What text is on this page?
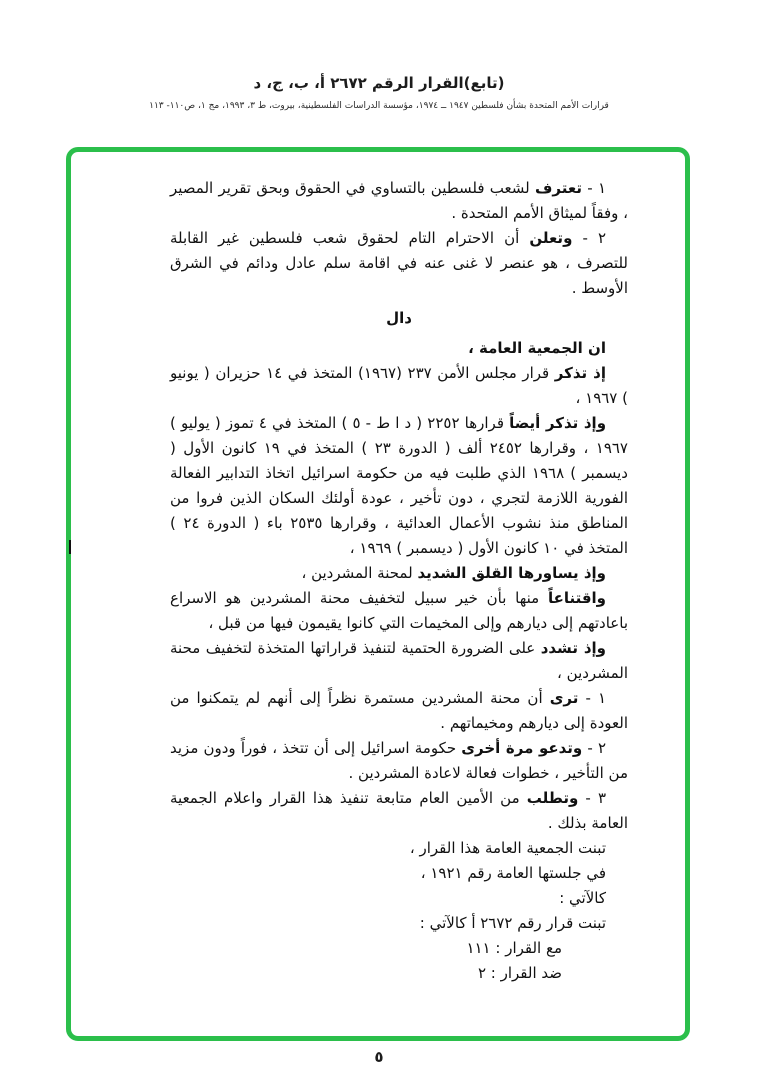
(تابع)القرار الرقم ٢٦٧٢ أ، ب، ج، د
قرارات الأمم المتحدة بشأن فلسطين ١٩٤٧ ــ ١٩٧٤، مؤسسة الدراسات الفلسطينية، بيروت، ط ٣، ١٩٩٣، مج ١، ص١١٠- ١١٣

١ - تعترف لشعب فلسطين بالتساوي في الحقوق وبحق تقرير المصير ، وفقاً لميثاق الأمم المتحدة .

٢ - وتعلن أن الاحترام التام لحقوق شعب فلسطين غير القابلة للتصرف ، هو عنصر لا غنى عنه في اقامة سلم عادل ودائم في الشرق الأوسط .

دال

ان الجمعية العامة ،

إذ تذكر قرار مجلس الأمن ٢٣٧ (١٩٦٧) المتخذ في ١٤ حزيران ( يونيو ) ١٩٦٧ ،

وإذ تذكر أيضاً قرارها ٢٢٥٢ ( د ا ط - ٥ ) المتخذ في ٤ تموز ( يوليو ) ١٩٦٧ ، وقرارها ٢٤٥٢ ألف ( الدورة ٢٣ ) المتخذ في ١٩ كانون الأول ( ديسمبر ) ١٩٦٨ الذي طلبت فيه من حكومة اسرائيل اتخاذ التدابير الفعالة الفورية اللازمة لتجري ، دون تأخير ، عودة أولئك السكان الذين فروا من المناطق منذ نشوب الأعمال العدائية ، وقرارها ٢٥٣٥ باء ( الدورة ٢٤ ) المتخذ في ١٠ كانون الأول ( ديسمبر ) ١٩٦٩ ،

وإذ يساورها القلق الشديد لمحنة المشردين ،

واقتناعاً منها بأن خير سبيل لتخفيف محنة المشردين هو الاسراع باعادتهم إلى ديارهم وإلى المخيمات التي كانوا يقيمون فيها من قبل ،

وإذ تشدد على الضرورة الحتمية لتنفيذ قراراتها المتخذة لتخفيف محنة المشردين ،

١ - ترى أن محنة المشردين مستمرة نظراً إلى أنهم لم يتمكنوا من العودة إلى ديارهم ومخيماتهم .

٢ - وتدعو مرة أخرى حكومة اسرائيل إلى أن تتخذ ، فوراً ودون مزيد من التأخير ، خطوات فعالة لاعادة المشردين .

٣ - وتطلب من الأمين العام متابعة تنفيذ هذا القرار واعلام الجمعية العامة بذلك .

تبنت الجمعية العامة هذا القرار ،

في جلستها العامة رقم ١٩٢١ ،

كالآتي :

تبنت قرار رقم ٢٦٧٢ أ كالآتي :

مع القرار : ١١١

ضد القرار : ٢

٥
